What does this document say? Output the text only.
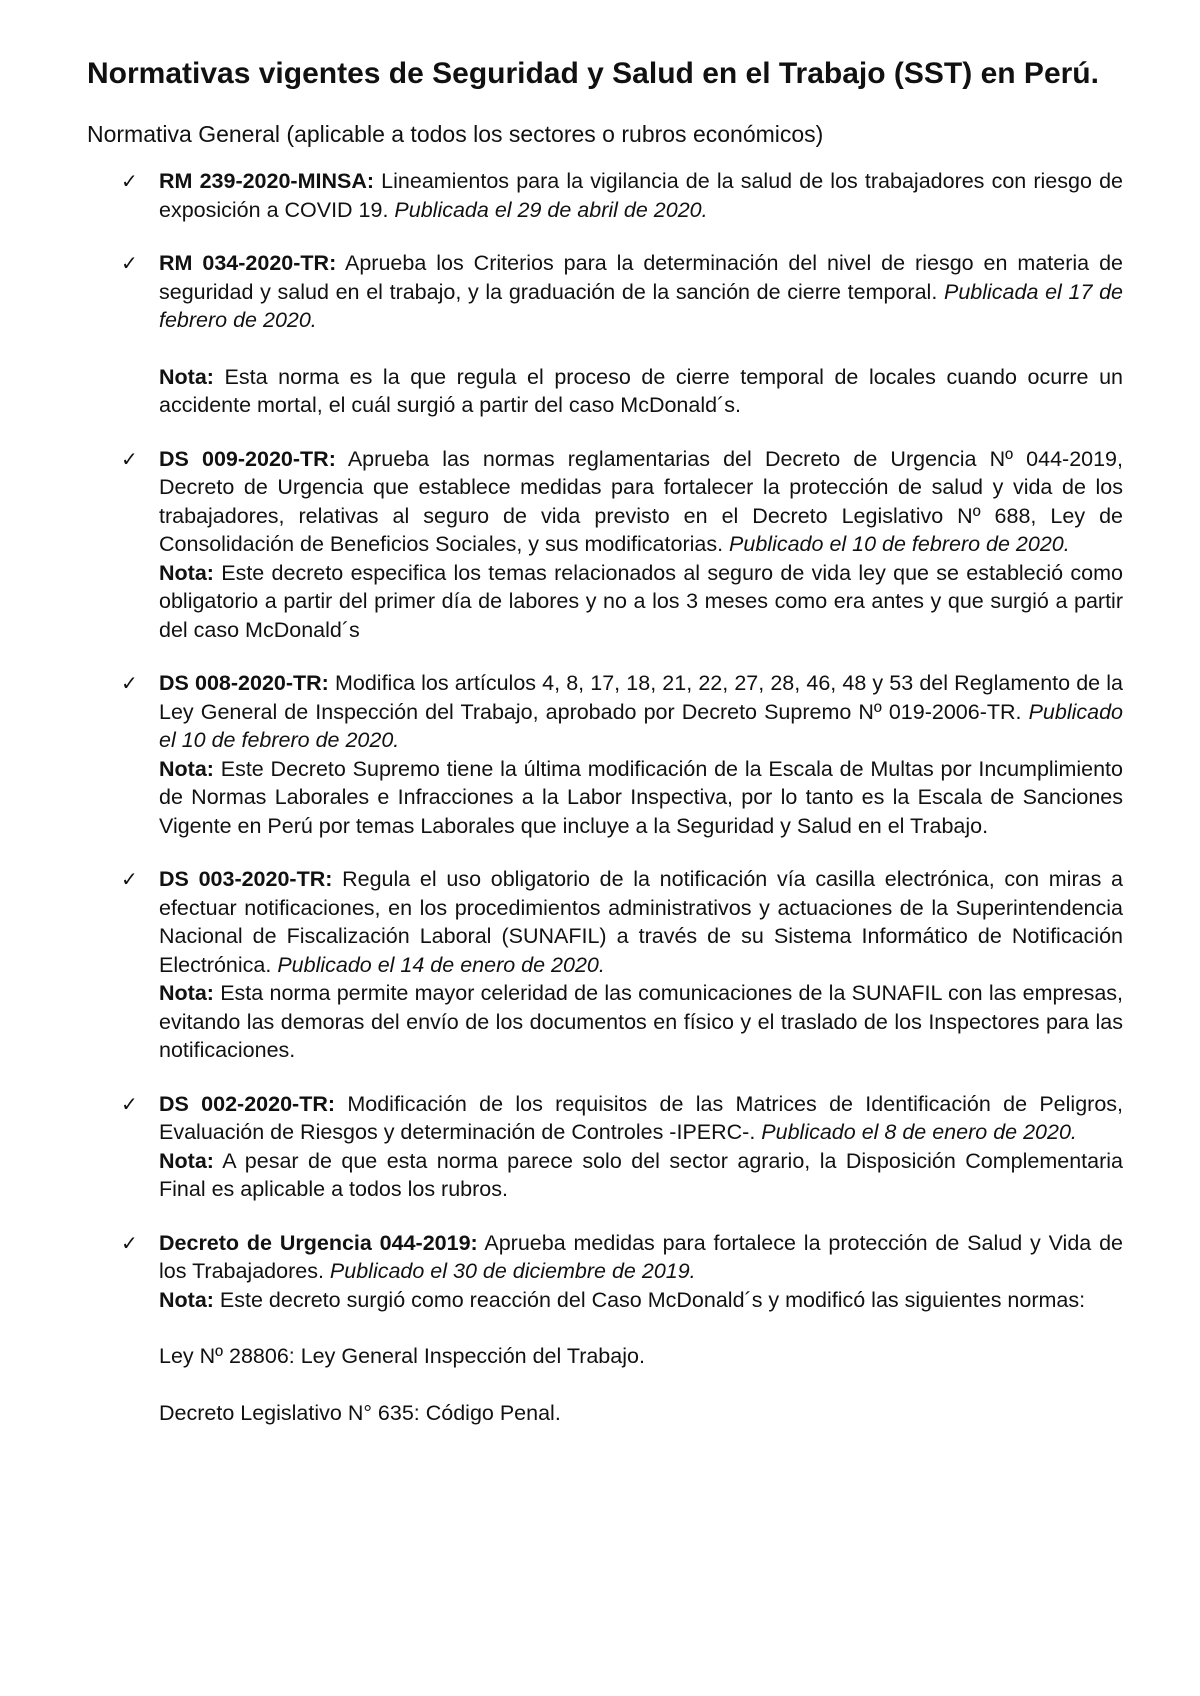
Normativas vigentes de Seguridad y Salud en el Trabajo (SST) en Perú.

Normativa General (aplicable a todos los sectores o rubros económicos)

✓ RM 239-2020-MINSA: Lineamientos para la vigilancia de la salud de los trabajadores con riesgo de exposición a COVID 19. Publicada el 29 de abril de 2020.

✓ RM 034-2020-TR: Aprueba los Criterios para la determinación del nivel de riesgo en materia de seguridad y salud en el trabajo, y la graduación de la sanción de cierre temporal. Publicada el 17 de febrero de 2020.

Nota: Esta norma es la que regula el proceso de cierre temporal de locales cuando ocurre un accidente mortal, el cuál surgió a partir del caso McDonald´s.

✓ DS 009-2020-TR: Aprueba las normas reglamentarias del Decreto de Urgencia Nº 044-2019, Decreto de Urgencia que establece medidas para fortalecer la protección de salud y vida de los trabajadores, relativas al seguro de vida previsto en el Decreto Legislativo Nº 688, Ley de Consolidación de Beneficios Sociales, y sus modificatorias. Publicado el 10 de febrero de 2020.

Nota: Este decreto especifica los temas relacionados al seguro de vida ley que se estableció como obligatorio a partir del primer día de labores y no a los 3 meses como era antes y que surgió a partir del caso McDonald´s

✓ DS 008-2020-TR: Modifica los artículos 4, 8, 17, 18, 21, 22, 27, 28, 46, 48 y 53 del Reglamento de la Ley General de Inspección del Trabajo, aprobado por Decreto Supremo Nº 019-2006-TR. Publicado el 10 de febrero de 2020.

Nota: Este Decreto Supremo tiene la última modificación de la Escala de Multas por Incumplimiento de Normas Laborales e Infracciones a la Labor Inspectiva, por lo tanto es la Escala de Sanciones Vigente en Perú por temas Laborales que incluye a la Seguridad y Salud en el Trabajo.

✓ DS 003-2020-TR: Regula el uso obligatorio de la notificación vía casilla electrónica, con miras a efectuar notificaciones, en los procedimientos administrativos y actuaciones de la Superintendencia Nacional de Fiscalización Laboral (SUNAFIL) a través de su Sistema Informático de Notificación Electrónica. Publicado el 14 de enero de 2020.

Nota: Esta norma permite mayor celeridad de las comunicaciones de la SUNAFIL con las empresas, evitando las demoras del envío de los documentos en físico y el traslado de los Inspectores para las notificaciones.

✓ DS 002-2020-TR: Modificación de los requisitos de las Matrices de Identificación de Peligros, Evaluación de Riesgos y determinación de Controles -IPERC-. Publicado el 8 de enero de 2020.

Nota: A pesar de que esta norma parece solo del sector agrario, la Disposición Complementaria Final es aplicable a todos los rubros.

✓ Decreto de Urgencia 044-2019: Aprueba medidas para fortalece la protección de Salud y Vida de los Trabajadores. Publicado el 30 de diciembre de 2019.

Nota: Este decreto surgió como reacción del Caso McDonald´s y modificó las siguientes normas:

Ley Nº 28806: Ley General Inspección del Trabajo.

Decreto Legislativo N° 635: Código Penal.
